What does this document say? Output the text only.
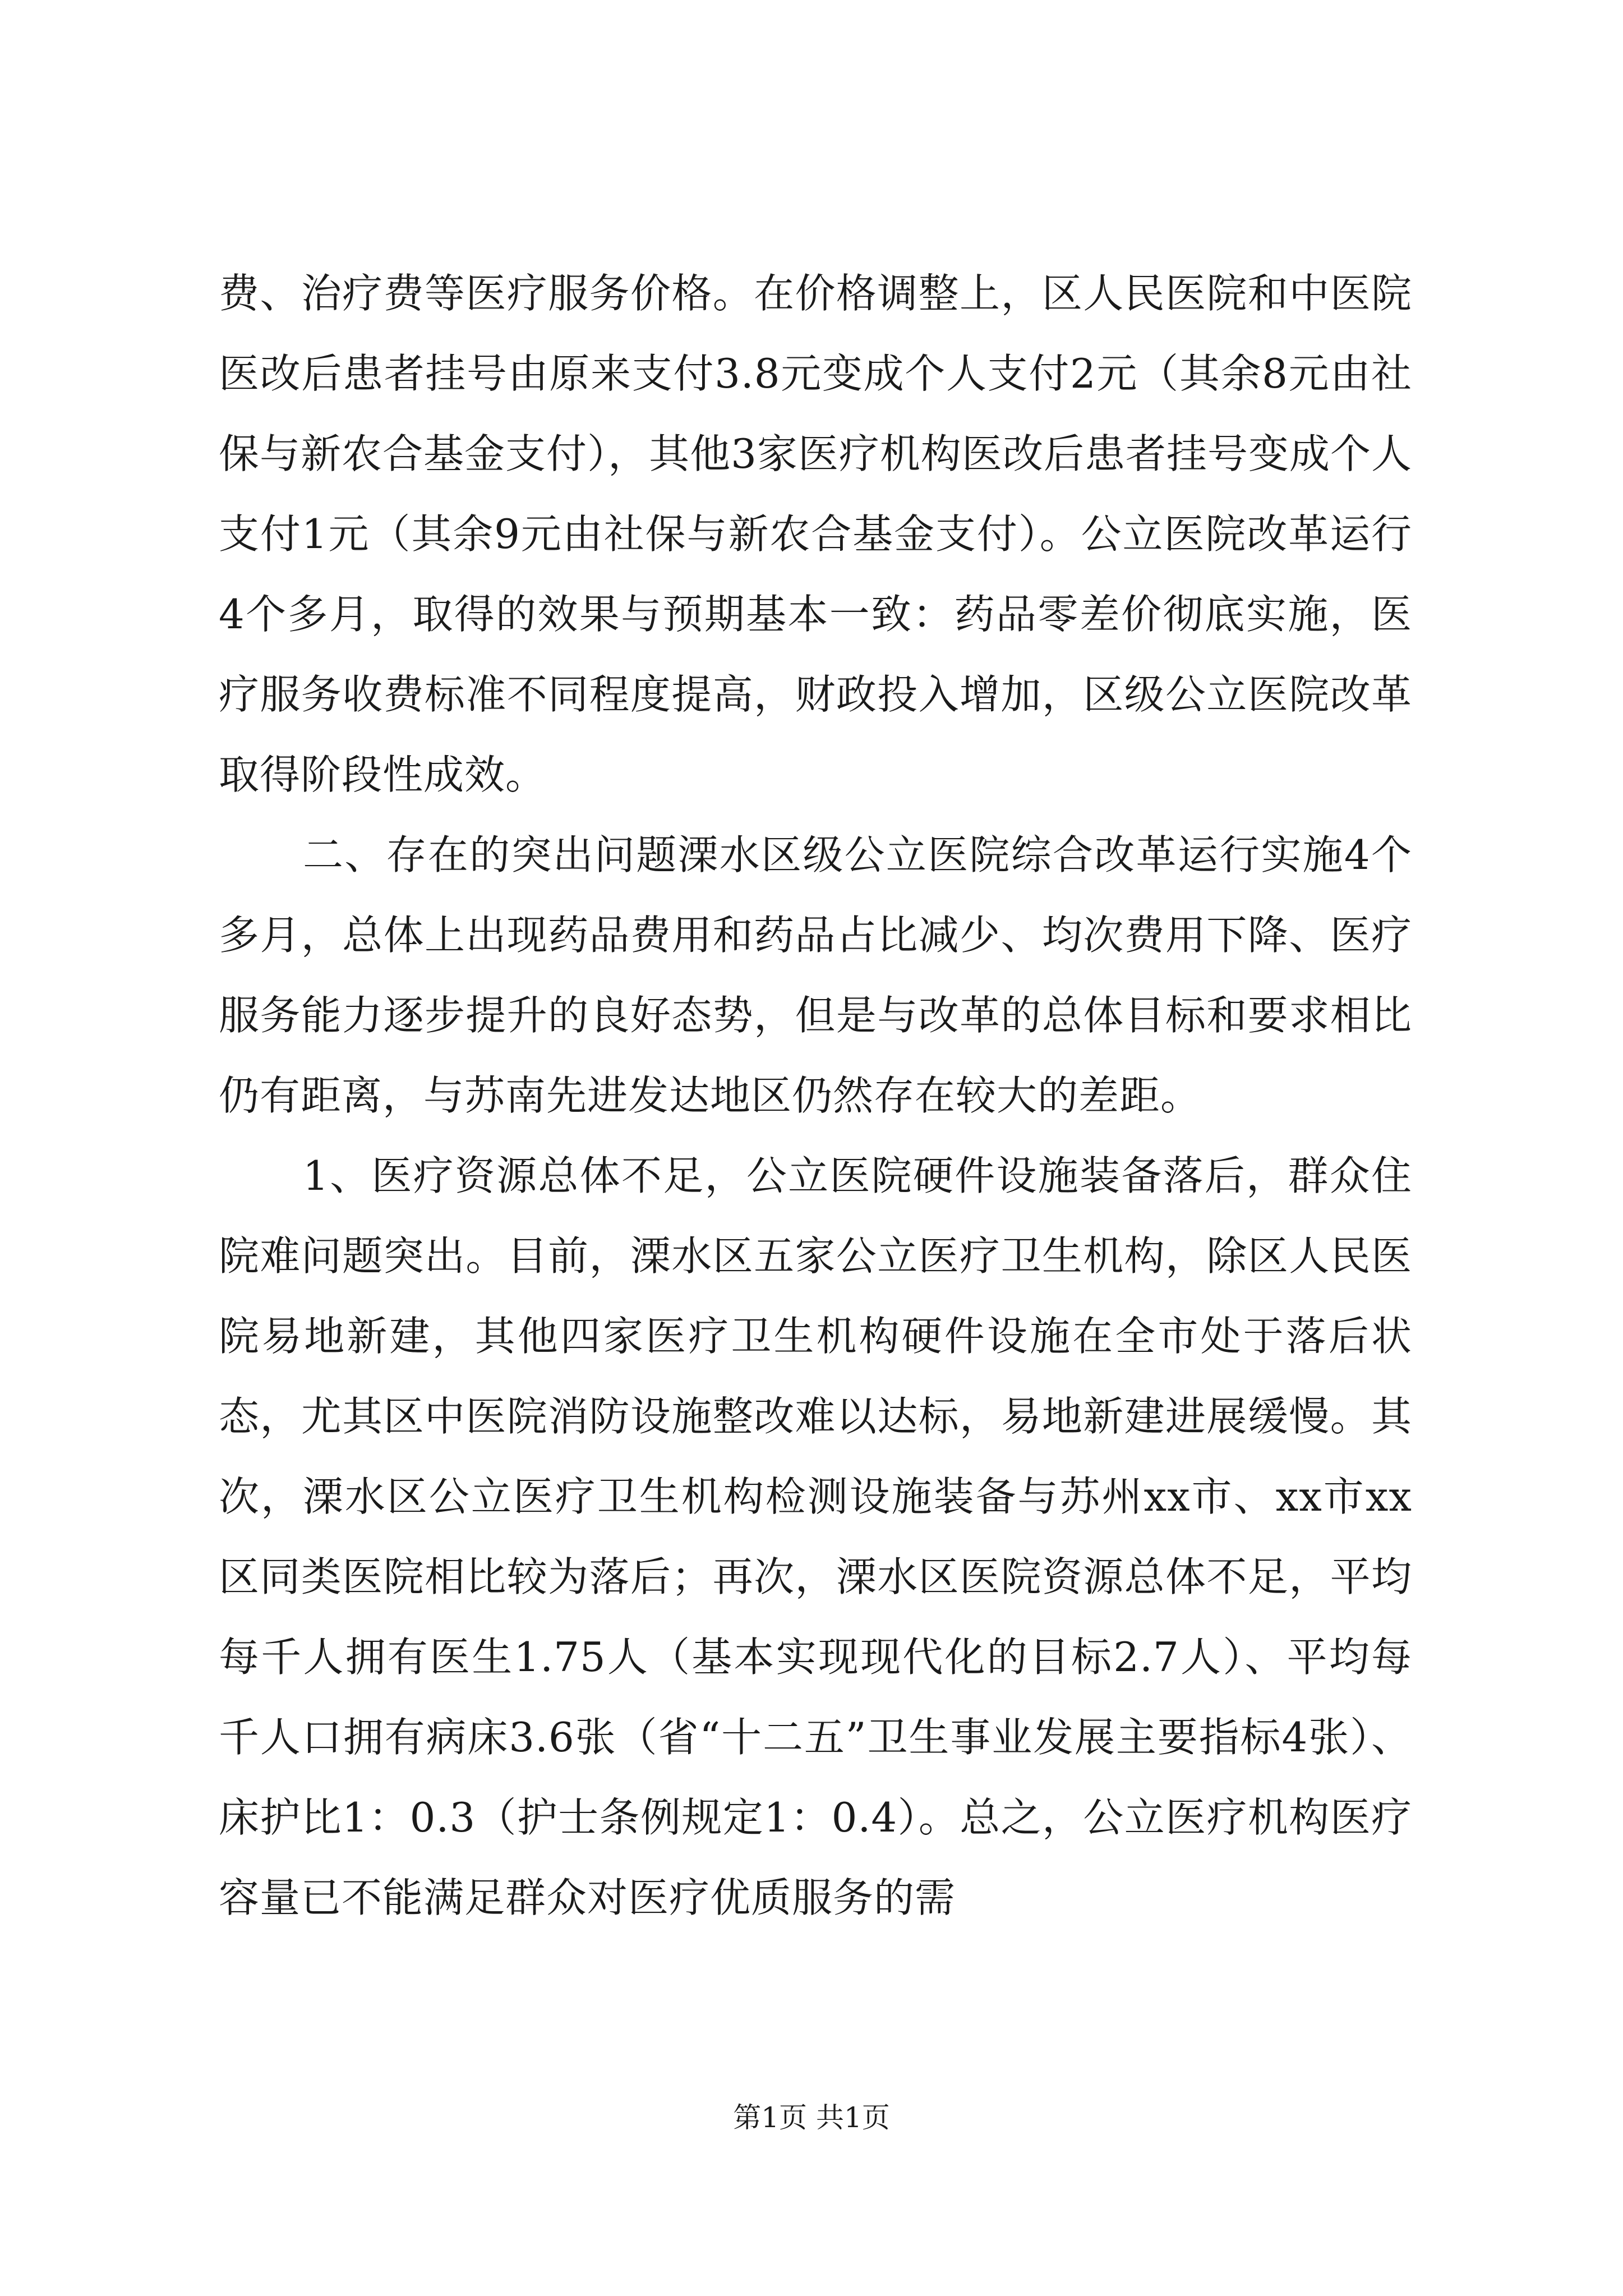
费、治疗费等医疗服务价格。在价格调整上，区人民医院和中医院医改后患者挂号由原来支付3.8元变成个人支付2元（其余8元由社保与新农合基金支付），其他3家医疗机构医改后患者挂号变成个人支付1元（其余9元由社保与新农合基金支付）。公立医院改革运行4个多月，取得的效果与预期基本一致：药品零差价彻底实施，医疗服务收费标准不同程度提高，财政投入增加，区级公立医院改革取得阶段性成效。

二、存在的突出问题溧水区级公立医院综合改革运行实施4个多月，总体上出现药品费用和药品占比减少、均次费用下降、医疗服务能力逐步提升的良好态势，但是与改革的总体目标和要求相比仍有距离，与苏南先进发达地区仍然存在较大的差距。

1、医疗资源总体不足，公立医院硬件设施装备落后，群众住院难问题突出。目前，溧水区五家公立医疗卫生机构，除区人民医院易地新建，其他四家医疗卫生机构硬件设施在全市处于落后状态，尤其区中医院消防设施整改难以达标，易地新建进展缓慢。其次，溧水区公立医疗卫生机构检测设施装备与苏州xx市、xx市xx区同类医院相比较为落后；再次，溧水区医院资源总体不足，平均每千人拥有医生1.75人（基本实现现代化的目标2.7人）、平均每千人口拥有病床3.6张（省“十二五”卫生事业发展主要指标4张）、床护比1：0.3（护士条例规定1：0.4）。总之，公立医疗机构医疗容量已不能满足群众对医疗优质服务的需

第1页 共1页
